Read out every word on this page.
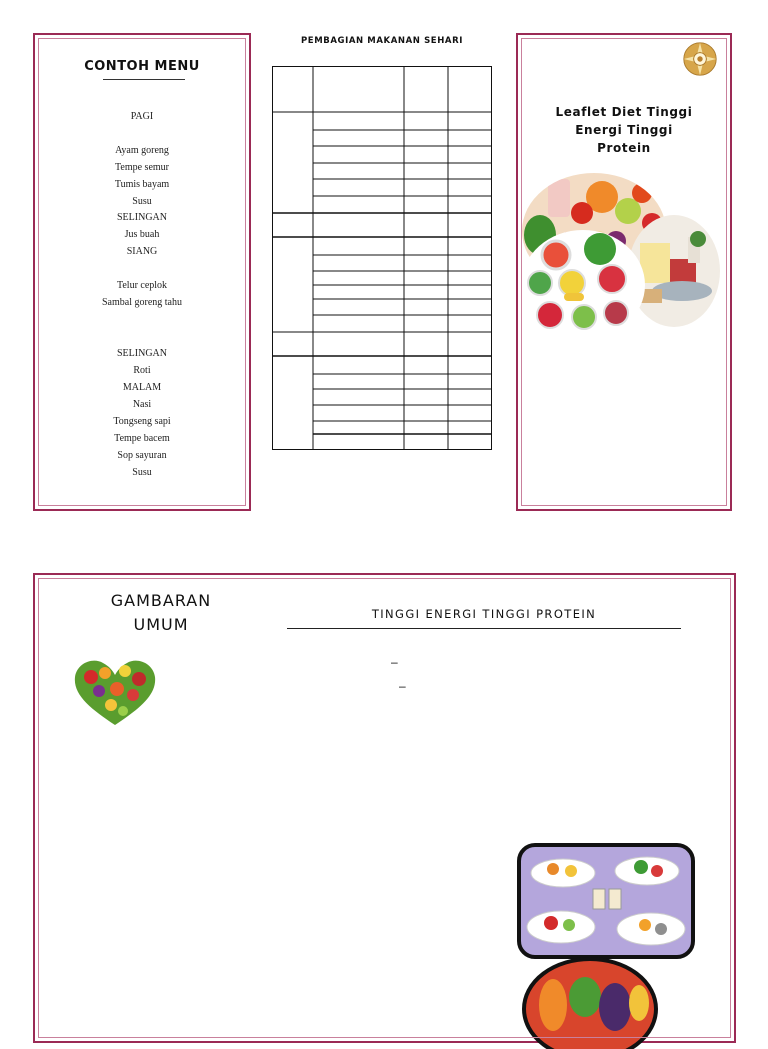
CONTOH MENU
PAGI
Ayam goreng
Tempe semur
Tumis bayam
Susu
SELINGAN
Jus buah
SIANG
Telur ceplok
Sambal goreng tahu
SELINGAN
Roti
MALAM
Nasi
Tongseng sapi
Tempe bacem
Sop sayuran
Susu
PEMBAGIAN MAKANAN SEHARI
Leaflet Diet Tinggi
Energi Tinggi
Protein
GAMBARAN
UMUM
TINGGI ENERGI TINGGI PROTEIN
–
–
